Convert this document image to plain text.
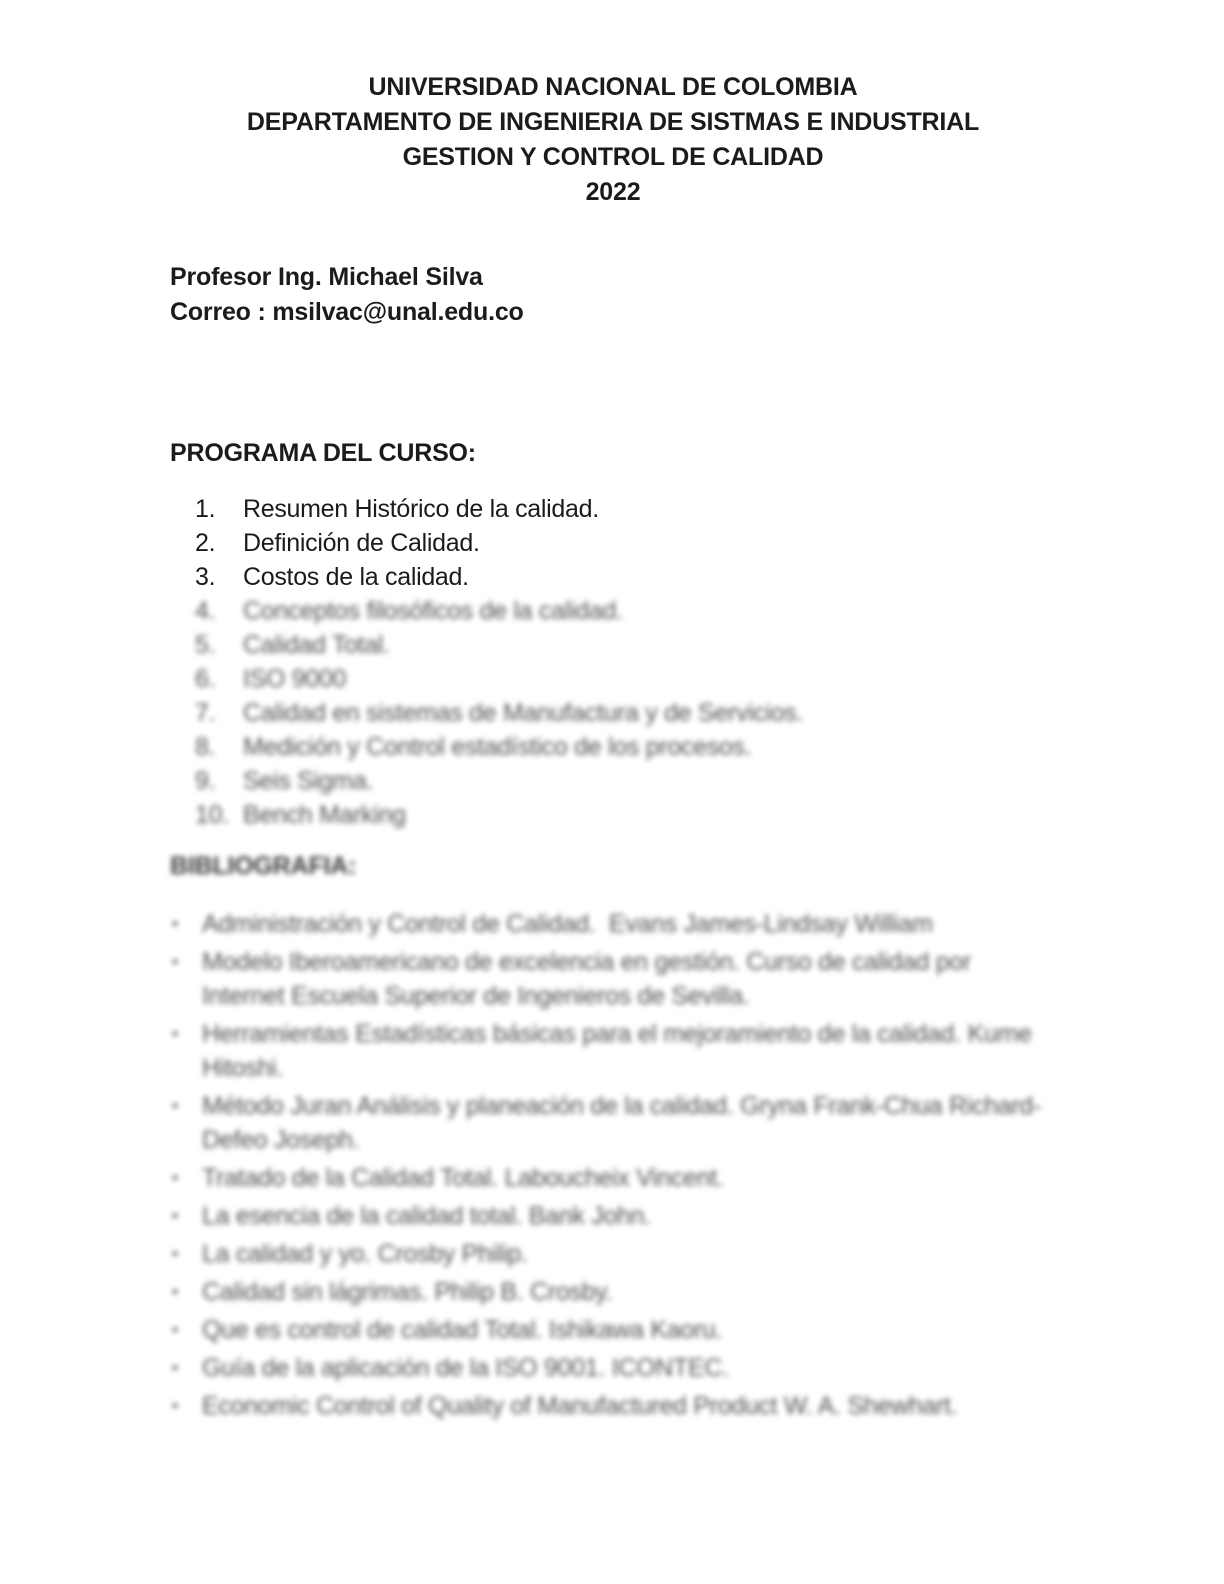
UNIVERSIDAD NACIONAL DE COLOMBIA
DEPARTAMENTO DE INGENIERIA DE SISTMAS E INDUSTRIAL
GESTION Y CONTROL DE CALIDAD
2022
Profesor Ing. Michael Silva
Correo : msilvac@unal.edu.co
PROGRAMA DEL CURSO:
1.	Resumen Histórico de la calidad.
2.	Definición de Calidad.
3.	Costos de la calidad.
4.	Conceptos filosóficos de la calidad.
5.	Calidad Total.
6.	ISO 9000
7.	Calidad en sistemas de Manufactura y de Servicios.
8.	Medición y Control estadístico de los procesos.
9.	Seis Sigma.
10. Bench Marking
BIBLIOGRAFIA:
▪ Administración y Control de Calidad.  Evans James-Lindsay William
▪ Modelo Iberoamericano de excelencia en gestión. Curso de calidad por Internet Escuela Superior de Ingenieros de Sevilla.
▪ Herramientas Estadísticas básicas para el mejoramiento de la calidad. Kume Hitoshi.
▪ Método Juran Análisis y planeación de la calidad. Gryna Frank-Chua Richard- Defeo Joseph.
▪ Tratado de la Calidad Total. Laboucheix Vincent.
▪ La esencia de la calidad total. Bank John.
▪ La calidad y yo. Crosby Philip.
▪ Calidad sin lágrimas. Philip B. Crosby.
▪ Que es control de calidad Total. Ishikawa Kaoru.
▪ Guía de la aplicación de la ISO 9001. ICONTEC.
▪ Economic Control of Quality of Manufactured Product W. A. Shewhart.
